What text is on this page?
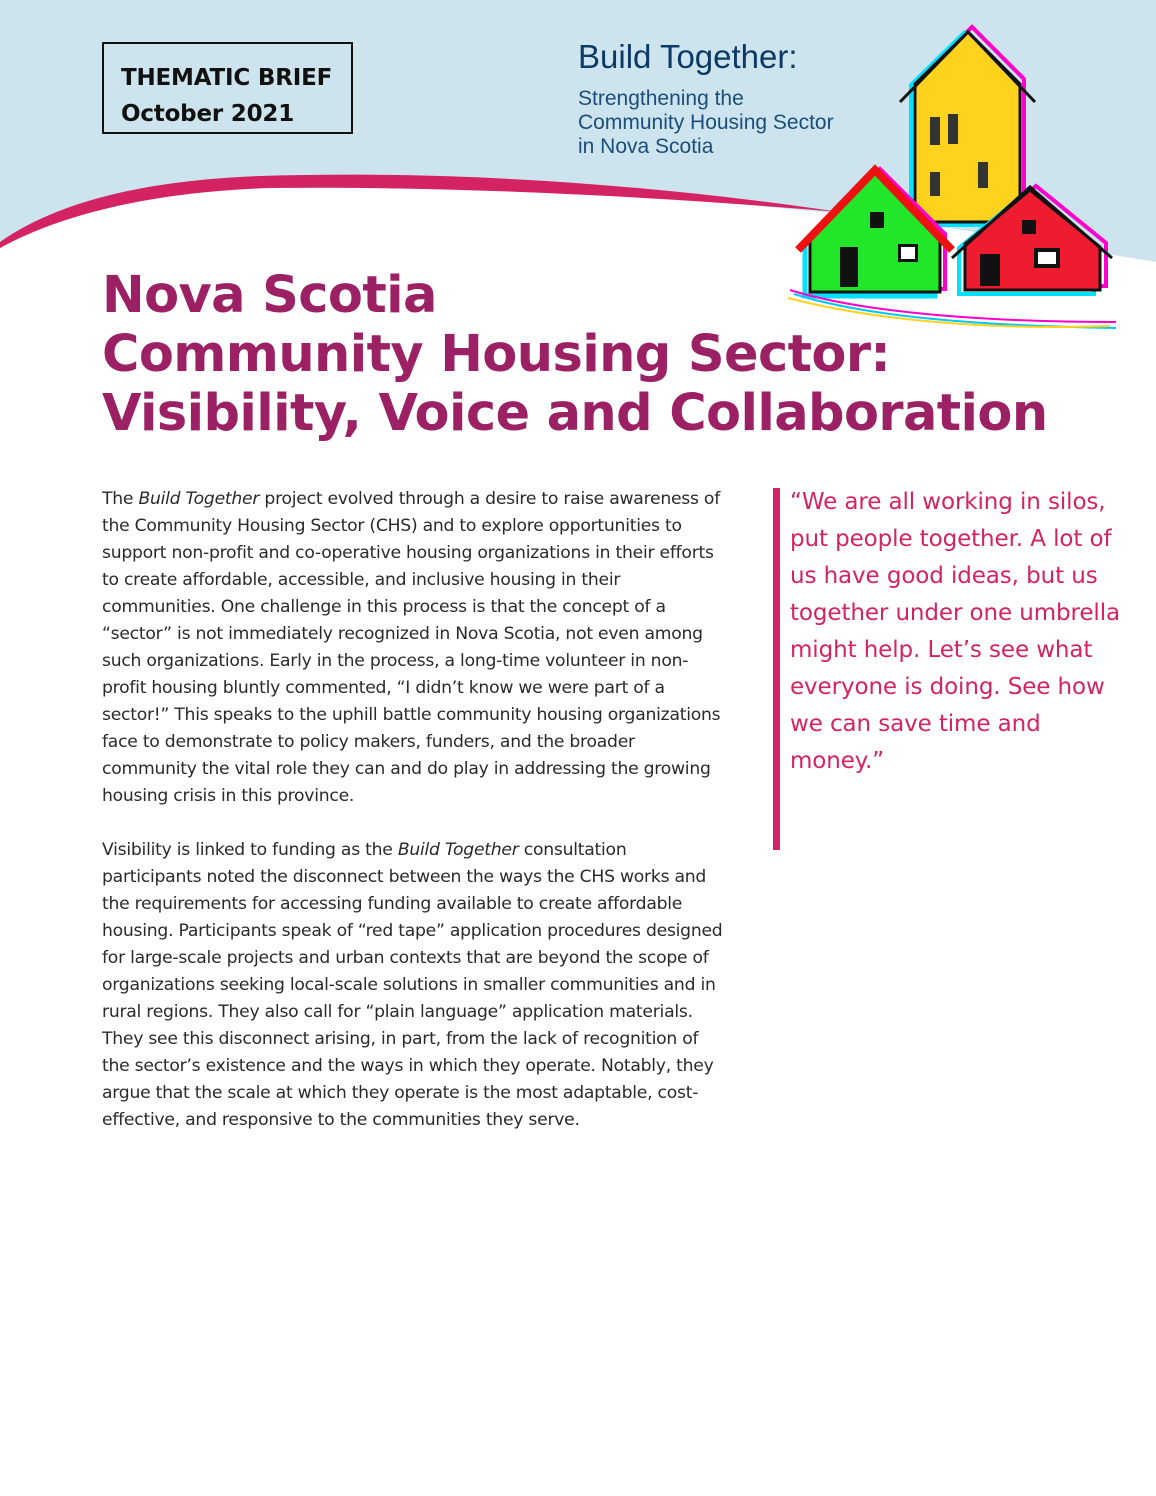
THEMATIC BRIEF
October 2021
Build Together:
Strengthening the Community Housing Sector in Nova Scotia
Nova Scotia
Community Housing Sector:
Visibility, Voice and Collaboration

The Build Together project evolved through a desire to raise awareness of the Community Housing Sector (CHS) and to explore opportunities to support non-profit and co-operative housing organizations in their efforts to create affordable, accessible, and inclusive housing in their communities. One challenge in this process is that the concept of a “sector” is not immediately recognized in Nova Scotia, not even among such organizations. Early in the process, a long-time volunteer in non-profit housing bluntly commented, “I didn’t know we were part of a sector!” This speaks to the uphill battle community housing organizations face to demonstrate to policy makers, funders, and the broader community the vital role they can and do play in addressing the growing housing crisis in this province.

Visibility is linked to funding as the Build Together consultation participants noted the disconnect between the ways the CHS works and the requirements for accessing funding available to create affordable housing. Participants speak of “red tape” application procedures designed for large-scale projects and urban contexts that are beyond the scope of organizations seeking local-scale solutions in smaller communities and in rural regions. They also call for “plain language” application materials. They see this disconnect arising, in part, from the lack of recognition of the sector’s existence and the ways in which they operate. Notably, they argue that the scale at which they operate is the most adaptable, cost-effective, and responsive to the communities they serve.

“We are all working in silos, put people together. A lot of us have good ideas, but us together under one umbrella might help. Let’s see what everyone is doing. See how we can save time and money.”
